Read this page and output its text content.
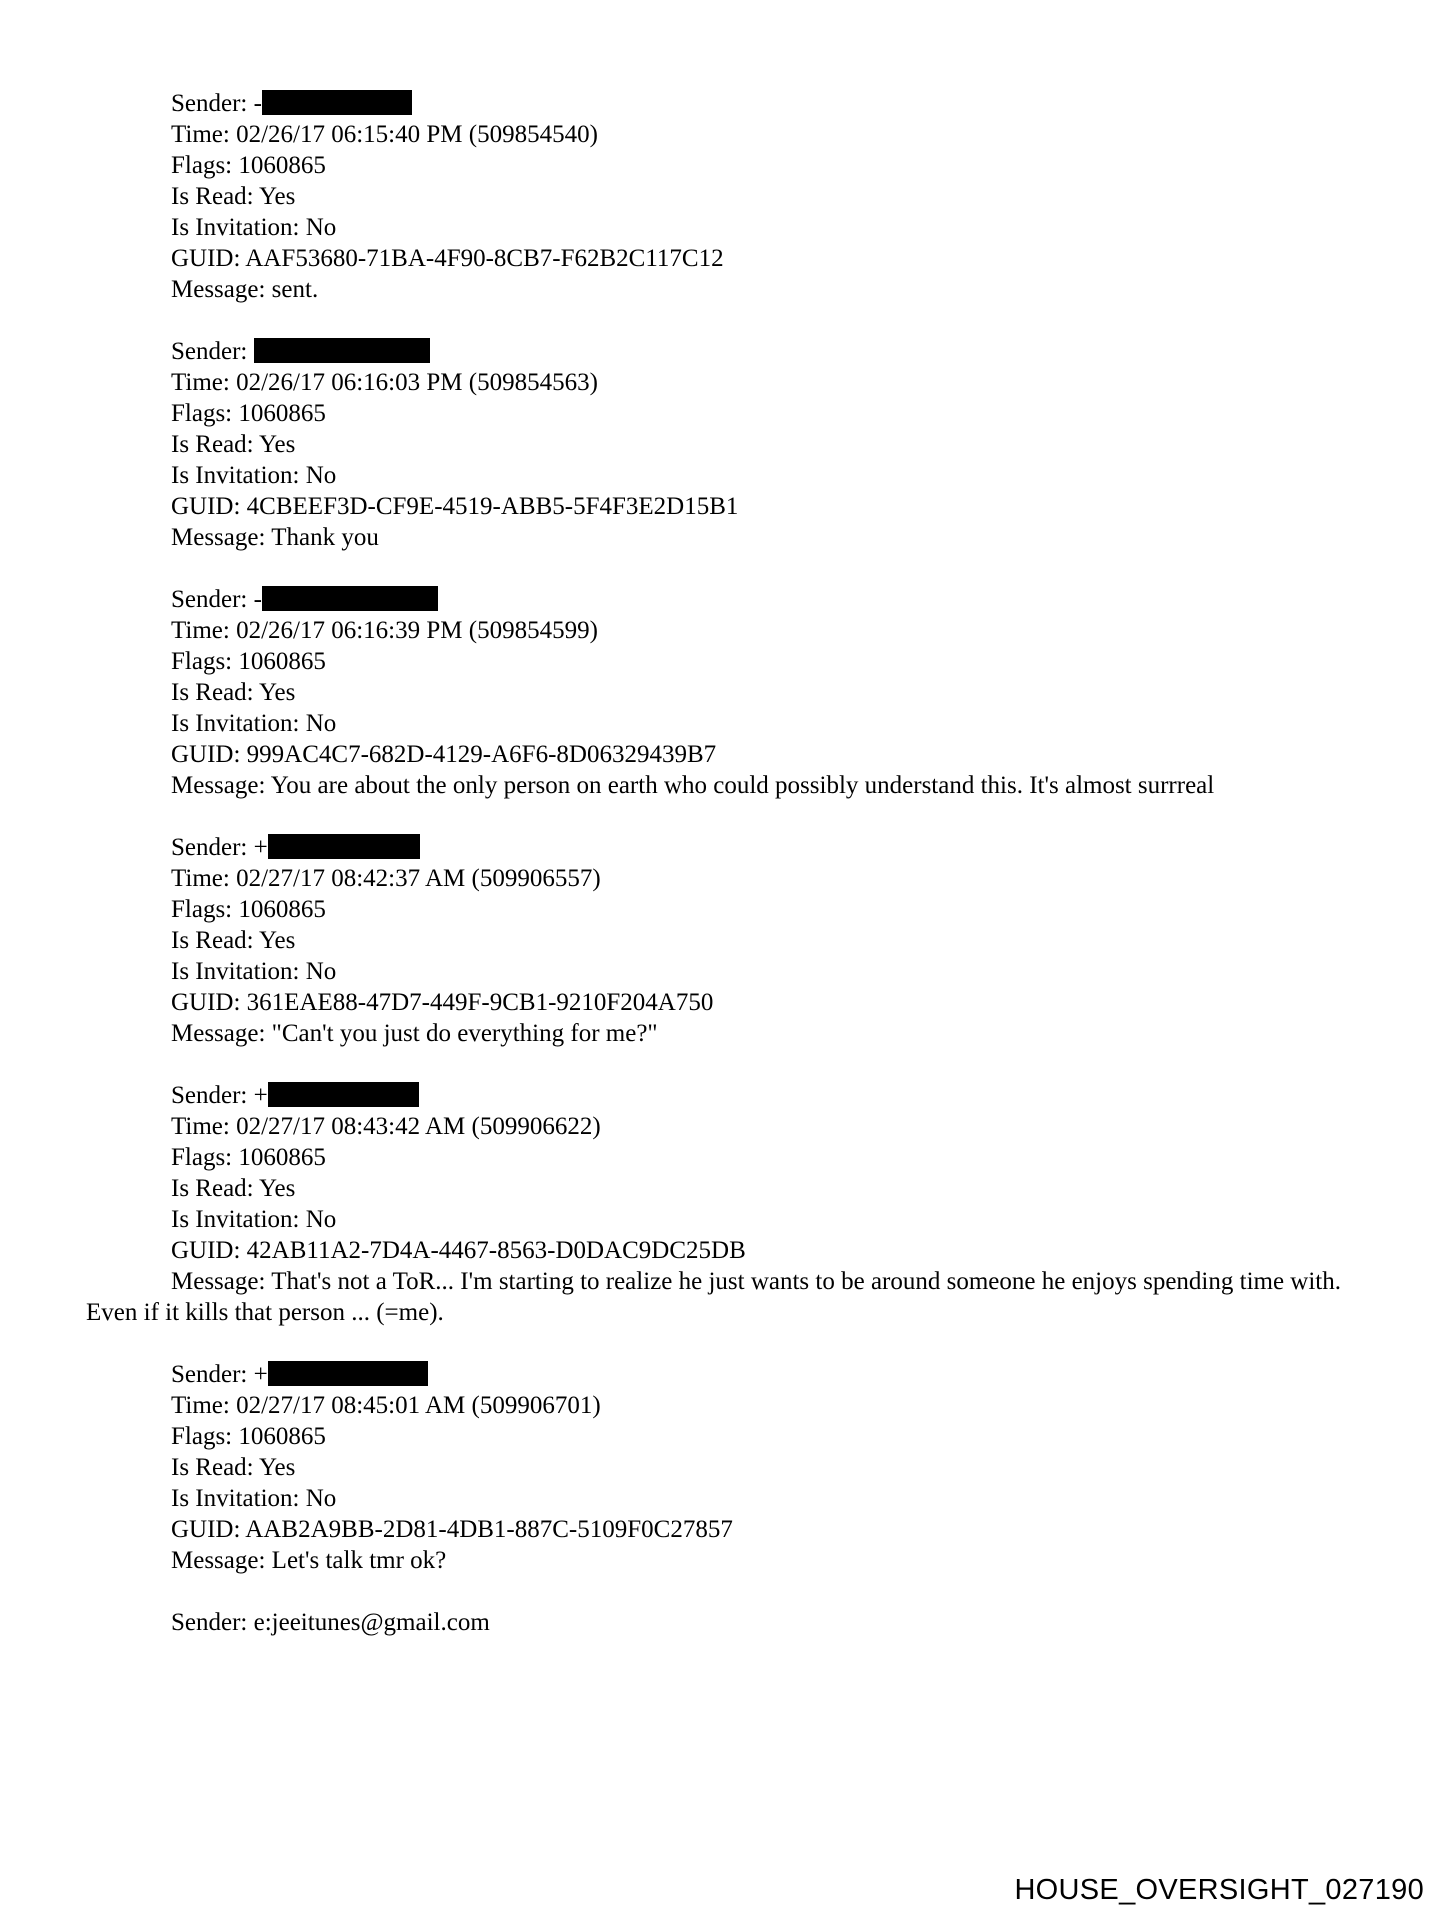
Sender: -
Time: 02/26/17 06:15:40 PM (509854540)
Flags: 1060865
Is Read: Yes
Is Invitation: No
GUID: AAF53680-71BA-4F90-8CB7-F62B2C117C12
Message: sent.
Sender:
Time: 02/26/17 06:16:03 PM (509854563)
Flags: 1060865
Is Read: Yes
Is Invitation: No
GUID: 4CBEEF3D-CF9E-4519-ABB5-5F4F3E2D15B1
Message: Thank you
Sender: -
Time: 02/26/17 06:16:39 PM (509854599)
Flags: 1060865
Is Read: Yes
Is Invitation: No
GUID: 999AC4C7-682D-4129-A6F6-8D06329439B7
Message: You are about the only person on earth who could possibly understand this. It's almost surrreal
Sender: +
Time: 02/27/17 08:42:37 AM (509906557)
Flags: 1060865
Is Read: Yes
Is Invitation: No
GUID: 361EAE88-47D7-449F-9CB1-9210F204A750
Message: "Can't you just do everything for me?"
Sender: +
Time: 02/27/17 08:43:42 AM (509906622)
Flags: 1060865
Is Read: Yes
Is Invitation: No
GUID: 42AB11A2-7D4A-4467-8563-D0DAC9DC25DB
Message: That's not a ToR... I'm starting to realize he just wants to be around someone he enjoys spending time with. Even if it kills that person ... (=me).
Sender: +
Time: 02/27/17 08:45:01 AM (509906701)
Flags: 1060865
Is Read: Yes
Is Invitation: No
GUID: AAB2A9BB-2D81-4DB1-887C-5109F0C27857
Message: Let's talk tmr ok?
Sender: e:jeeitunes@gmail.com
HOUSE_OVERSIGHT_027190
